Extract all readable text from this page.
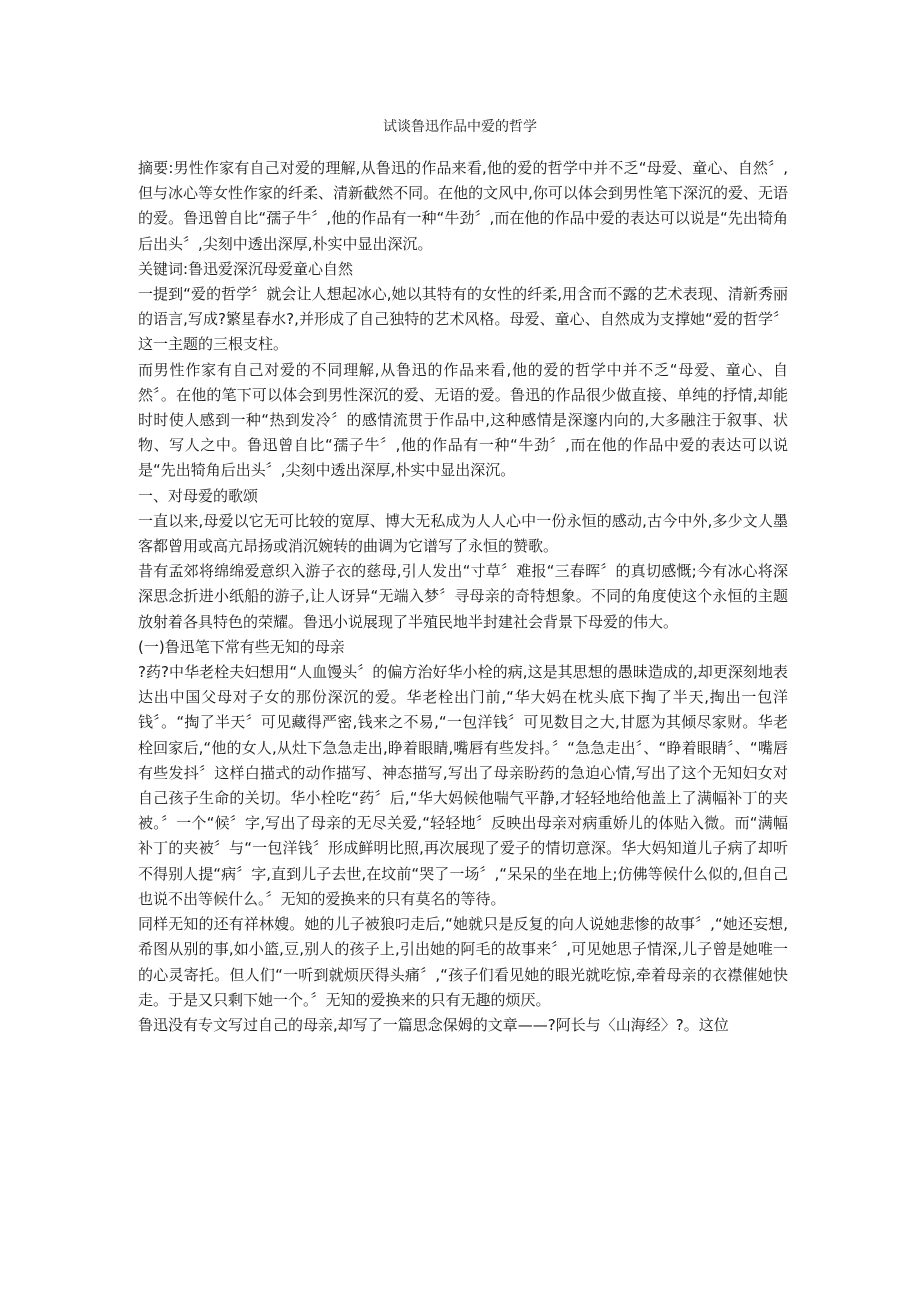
试谈鲁迅作品中爱的哲学

摘要:男性作家有自己对爱的理解,从鲁迅的作品来看,他的爱的哲学中并不乏“母爱、童心、自然〞,但与冰心等女性作家的纤柔、清新截然不同。在他的文风中,你可以体会到男性笔下深沉的爱、无语的爱。鲁迅曾自比“孺子牛〞,他的作品有一种“牛劲〞,而在他的作品中爱的表达可以说是“先出犄角后出头〞,尖刻中透出深厚,朴实中显出深沉。

关键词:鲁迅爱深沉母爱童心自然

一提到“爱的哲学〞就会让人想起冰心,她以其特有的女性的纤柔,用含而不露的艺术表现、清新秀丽的语言,写成?繁星春水?,并形成了自己独特的艺术风格。母爱、童心、自然成为支撑她“爱的哲学〞这一主题的三根支柱。

而男性作家有自己对爱的不同理解,从鲁迅的作品来看,他的爱的哲学中并不乏“母爱、童心、自然〞。在他的笔下可以体会到男性深沉的爱、无语的爱。鲁迅的作品很少做直接、单纯的抒情,却能时时使人感到一种“热到发冷〞的感情流贯于作品中,这种感情是深邃内向的,大多融注于叙事、状物、写人之中。鲁迅曾自比“孺子牛〞,他的作品有一种“牛劲〞,而在他的作品中爱的表达可以说是“先出犄角后出头〞,尖刻中透出深厚,朴实中显出深沉。

一、对母爱的歌颂

一直以来,母爱以它无可比较的宽厚、博大无私成为人人心中一份永恒的感动,古今中外,多少文人墨客都曾用或高亢昂扬或消沉婉转的曲调为它谱写了永恒的赞歌。

昔有孟郊将绵绵爱意织入游子衣的慈母,引人发出“寸草〞难报“三春晖〞的真切感慨;今有冰心将深深思念折进小纸船的游子,让人讶异“无端入梦〞寻母亲的奇特想象。不同的角度使这个永恒的主题放射着各具特色的荣耀。鲁迅小说展现了半殖民地半封建社会背景下母爱的伟大。

(一)鲁迅笔下常有些无知的母亲

?药?中华老栓夫妇想用“人血馒头〞的偏方治好华小栓的病,这是其思想的愚昧造成的,却更深刻地表达出中国父母对子女的那份深沉的爱。华老栓出门前,“华大妈在枕头底下掏了半天,掏出一包洋钱〞。“掏了半天〞可见藏得严密,钱来之不易,“一包洋钱〞可见数目之大,甘愿为其倾尽家财。华老栓回家后,“他的女人,从灶下急急走出,睁着眼睛,嘴唇有些发抖。〞“急急走出〞、“睁着眼睛〞、“嘴唇有些发抖〞这样白描式的动作描写、神态描写,写出了母亲盼药的急迫心情,写出了这个无知妇女对自己孩子生命的关切。华小栓吃“药〞后,“华大妈候他喘气平静,才轻轻地给他盖上了满幅补丁的夹被。〞一个“候〞字,写出了母亲的无尽关爱,“轻轻地〞反映出母亲对病重娇儿的体贴入微。而“满幅补丁的夹被〞与“一包洋钱〞形成鲜明比照,再次展现了爱子的情切意深。华大妈知道儿子病了却听不得别人提“病〞字,直到儿子去世,在坟前“哭了一场〞,“呆呆的坐在地上;仿佛等候什么似的,但自己也说不出等候什么。〞无知的爱换来的只有莫名的等待。

同样无知的还有祥林嫂。她的儿子被狼叼走后,“她就只是反复的向人说她悲惨的故事〞,“她还妄想,希图从别的事,如小篮,豆,别人的孩子上,引出她的阿毛的故事来〞,可见她思子情深,儿子曾是她唯一的心灵寄托。但人们“一听到就烦厌得头痛〞,“孩子们看见她的眼光就吃惊,牵着母亲的衣襟催她快走。于是又只剩下她一个。〞无知的爱换来的只有无趣的烦厌。

鲁迅没有专文写过自己的母亲,却写了一篇思念保姆的文章——?阿长与〈山海经〉?。这位
